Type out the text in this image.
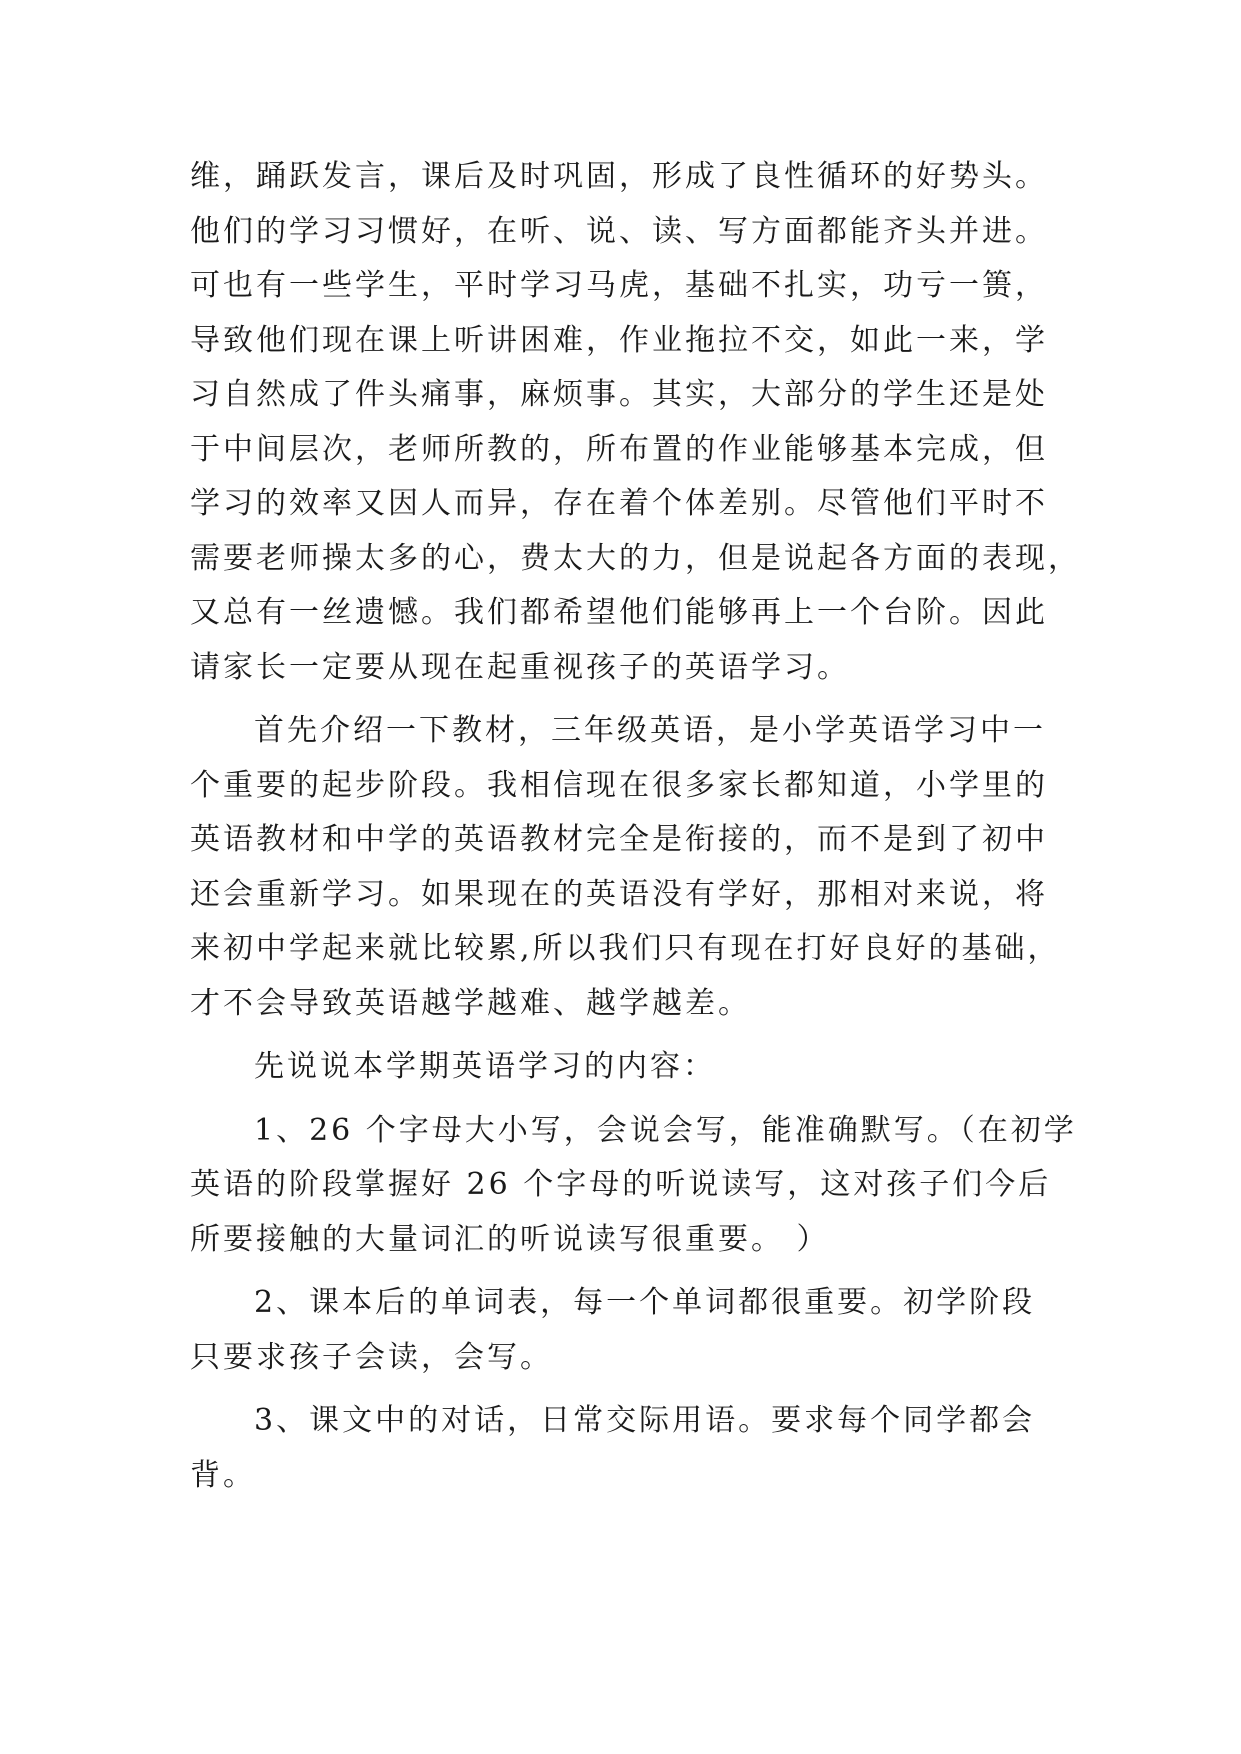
维，踊跃发言，课后及时巩固，形成了良性循环的好势头。
他们的学习习惯好，在听、说、读、写方面都能齐头并进。
可也有一些学生，平时学习马虎，基础不扎实，功亏一篑，
导致他们现在课上听讲困难，作业拖拉不交，如此一来，学
习自然成了件头痛事，麻烦事。其实，大部分的学生还是处
于中间层次，老师所教的，所布置的作业能够基本完成，但
学习的效率又因人而异，存在着个体差别。尽管他们平时不
需要老师操太多的心，费太大的力，但是说起各方面的表现，
又总有一丝遗憾。我们都希望他们能够再上一个台阶。因此
请家长一定要从现在起重视孩子的英语学习。
首先介绍一下教材，三年级英语，是小学英语学习中一
个重要的起步阶段。我相信现在很多家长都知道，小学里的
英语教材和中学的英语教材完全是衔接的，而不是到了初中
还会重新学习。如果现在的英语没有学好，那相对来说，将
来初中学起来就比较累,所以我们只有现在打好良好的基础，
才不会导致英语越学越难、越学越差。
先说说本学期英语学习的内容：
1、26 个字母大小写，会说会写，能准确默写。（在初学
英语的阶段掌握好 26 个字母的听说读写，这对孩子们今后
所要接触的大量词汇的听说读写很重要。 ）
2、课本后的单词表，每一个单词都很重要。初学阶段
只要求孩子会读，会写。
3、课文中的对话，日常交际用语。要求每个同学都会
背。
